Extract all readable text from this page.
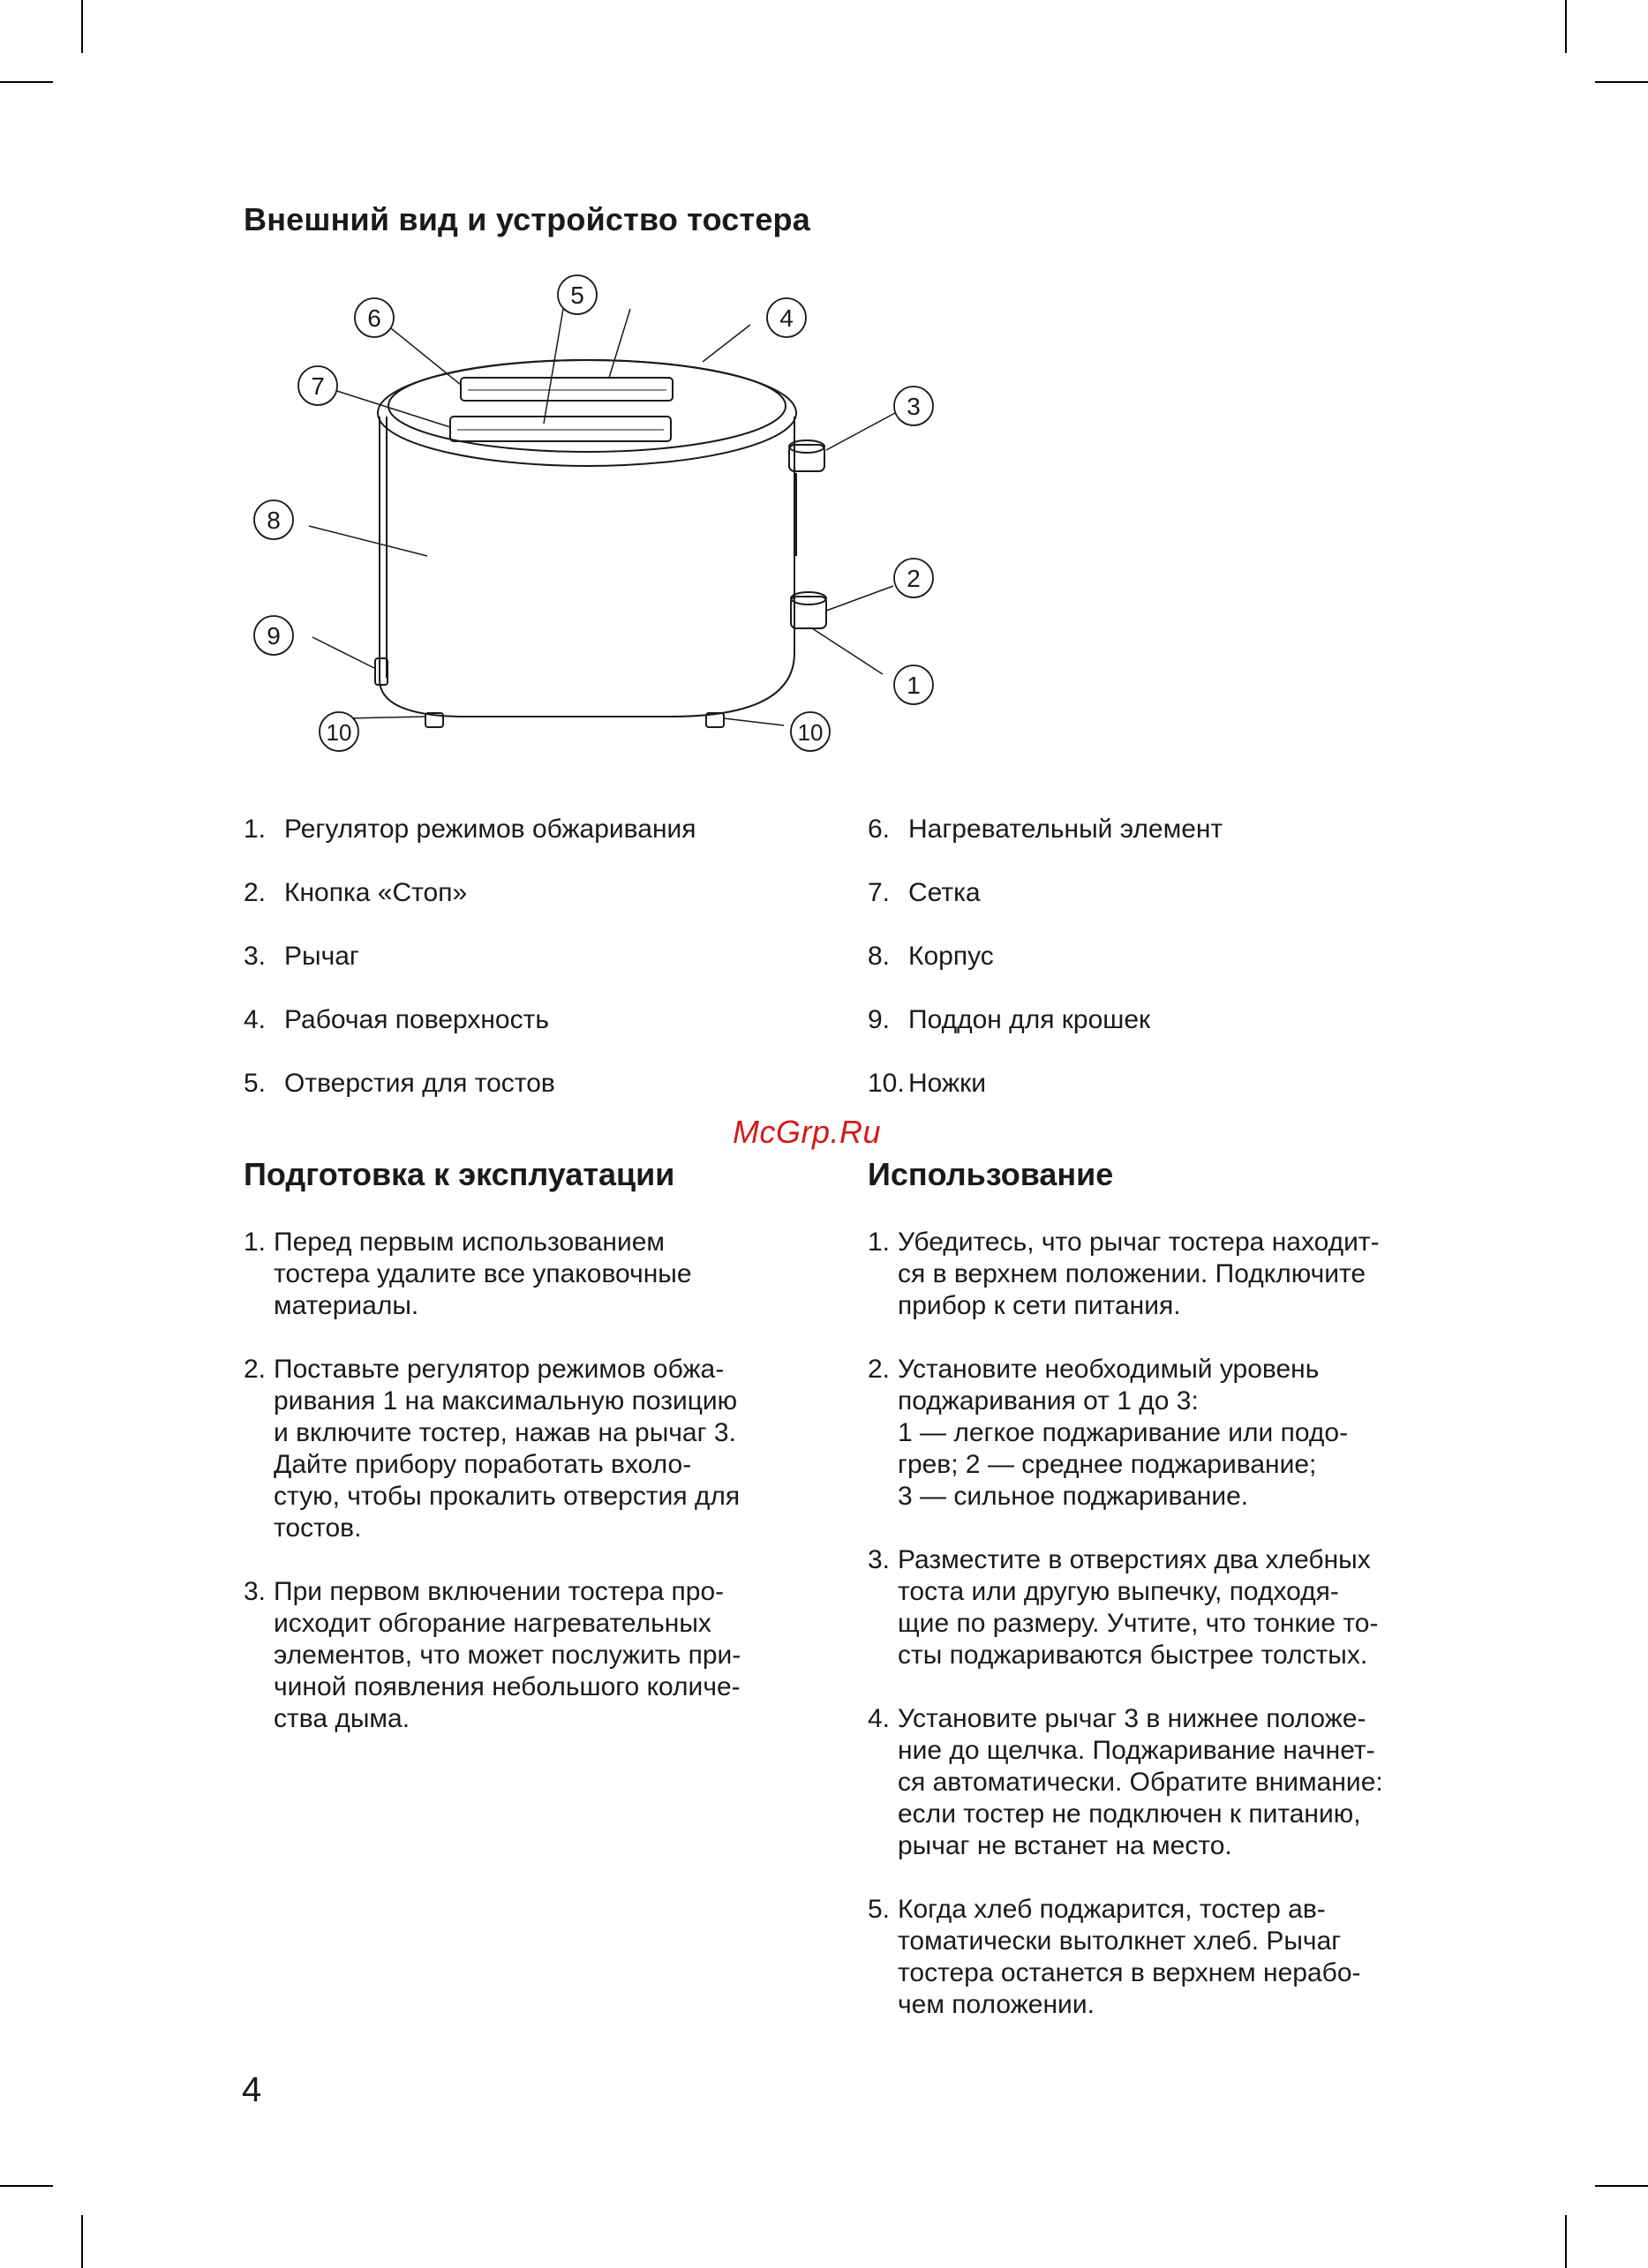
Внешний вид и устройство тостера
1
2
3
4
5
6
7
8
9
10	10
1. Регулятор режимов обжаривания
2. Кнопка «Стоп»
3. Рычаг
4. Рабочая поверхность
5. Отверстия для тостов
6. Нагревательный элемент
7. Сетка
8. Корпус
9. Поддон для крошек
10. Ножки
McGrp.Ru
Подготовка к эксплуатации
1. Перед первым использованием
тостера удалите все упаковочные
материалы.
2. Поставьте регулятор режимов обжа-
ривания 1 на максимальную позицию
и включите тостер, нажав на рычаг 3.
Дайте прибору поработать вхоло-
стую, чтобы прокалить отверстия для
тостов.
3. При первом включении тостера про-
исходит обгорание нагревательных
элементов, что может послужить при-
чиной появления небольшого количе-
ства дыма.
Использование
1. Убедитесь, что рычаг тостера находит-
ся в верхнем положении. Подключите
прибор к сети питания.
2. Установите необходимый уровень
поджаривания от 1 до 3:
1 — легкое поджаривание или подо-
грев; 2 — среднее поджаривание;
3 — сильное поджаривание.
3. Разместите в отверстиях два хлебных
тоста или другую выпечку, подходя-
щие по размеру. Учтите, что тонкие то-
сты поджариваются быстрее толстых.
4. Установите рычаг 3 в нижнее положе-
ние до щелчка. Поджаривание начнет-
ся автоматически. Обратите внимание:
если тостер не подключен к питанию,
рычаг не встанет на место.
5. Когда хлеб поджарится, тостер ав-
томатически вытолкнет хлеб. Рычаг
тостера останется в верхнем нерабо-
чем положении.
4
